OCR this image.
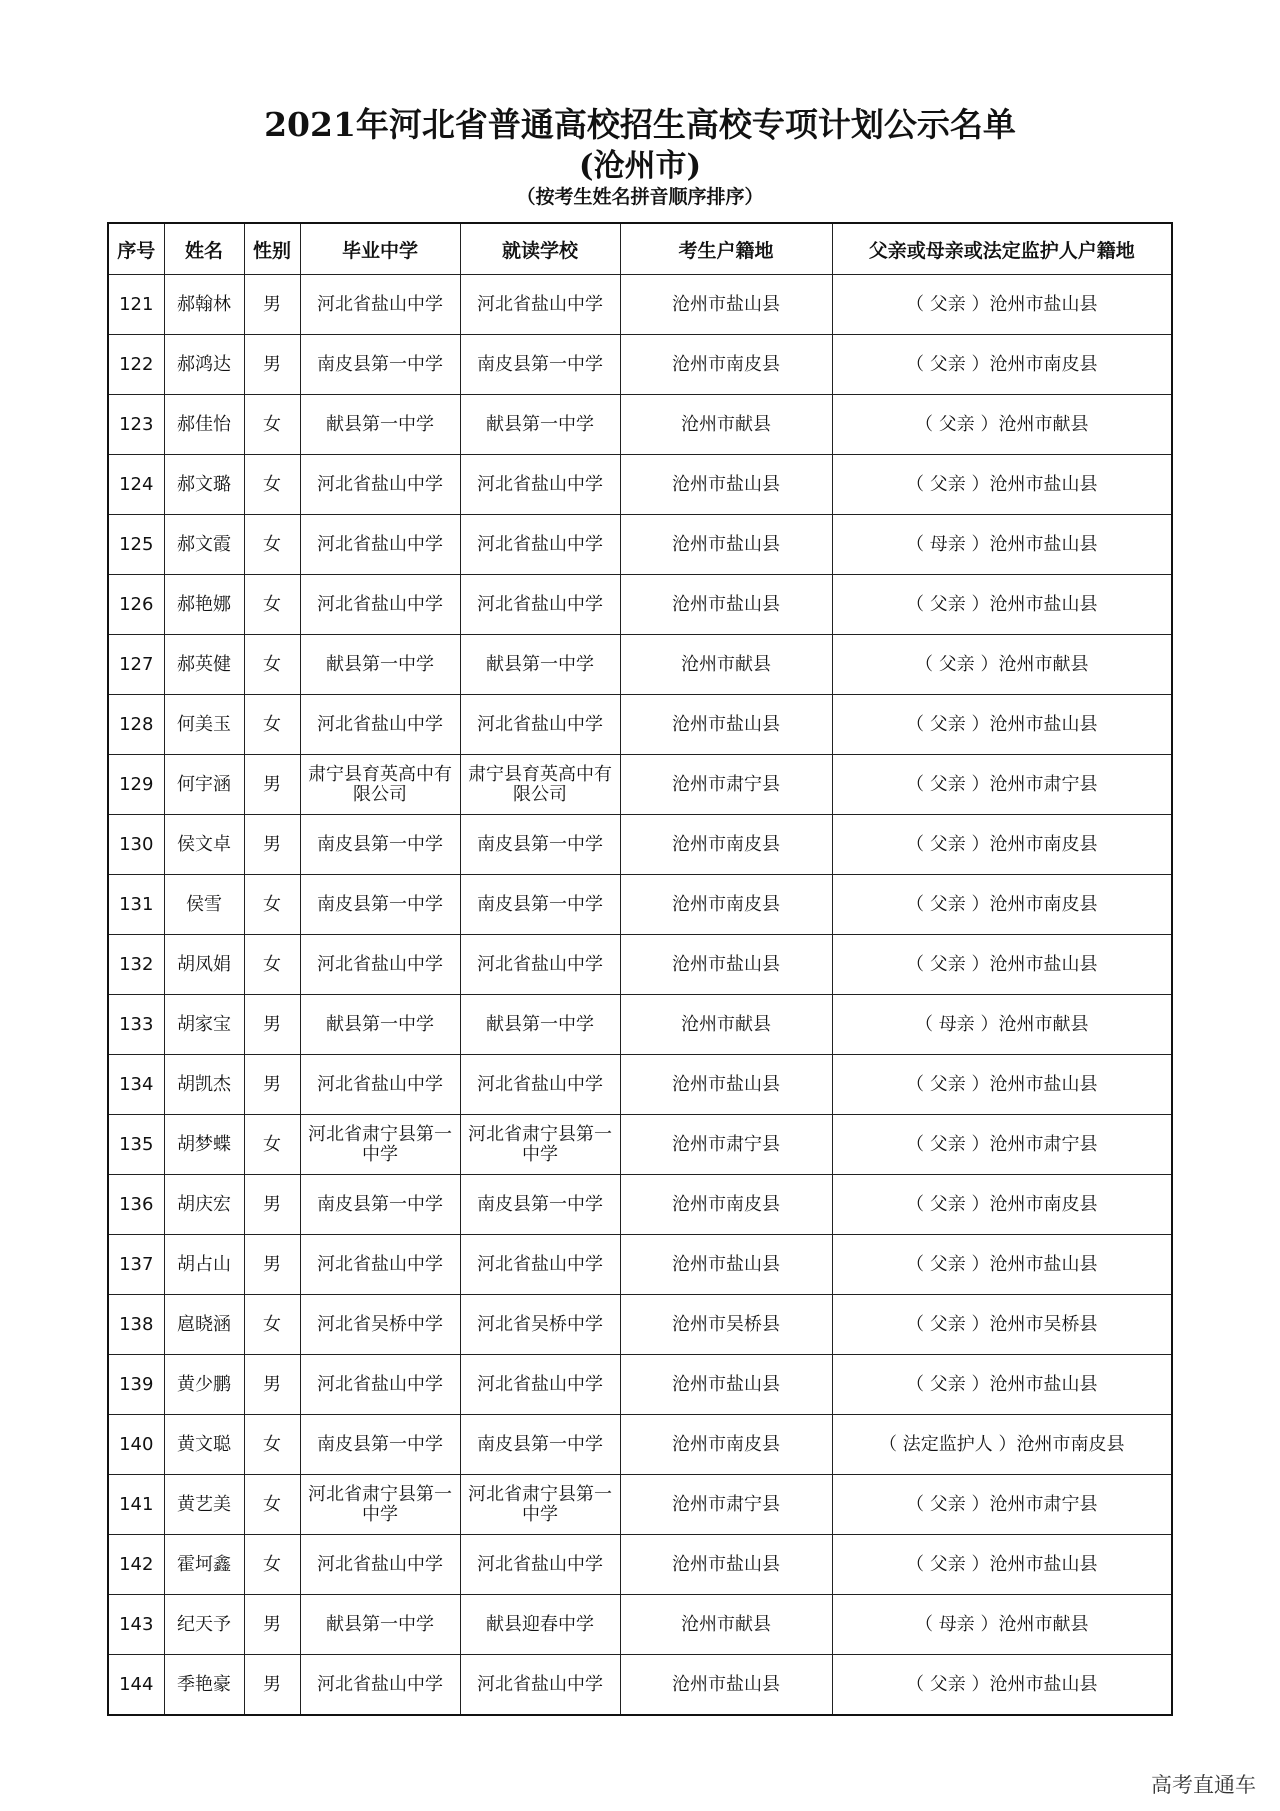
2021年河北省普通高校招生高校专项计划公示名单
(沧州市)
（按考生姓名拼音顺序排序）
序号	姓名	性别	毕业中学	就读学校	考生户籍地	父亲或母亲或法定监护人户籍地
121	郝翰林	男	河北省盐山中学	河北省盐山中学	沧州市盐山县	（ 父亲 ）沧州市盐山县
122	郝鸿达	男	南皮县第一中学	南皮县第一中学	沧州市南皮县	（ 父亲 ）沧州市南皮县
123	郝佳怡	女	献县第一中学	献县第一中学	沧州市献县	（ 父亲 ）沧州市献县
124	郝文璐	女	河北省盐山中学	河北省盐山中学	沧州市盐山县	（ 父亲 ）沧州市盐山县
125	郝文霞	女	河北省盐山中学	河北省盐山中学	沧州市盐山县	（ 母亲 ）沧州市盐山县
126	郝艳娜	女	河北省盐山中学	河北省盐山中学	沧州市盐山县	（ 父亲 ）沧州市盐山县
127	郝英健	女	献县第一中学	献县第一中学	沧州市献县	（ 父亲 ）沧州市献县
128	何美玉	女	河北省盐山中学	河北省盐山中学	沧州市盐山县	（ 父亲 ）沧州市盐山县
129	何宇涵	男	肃宁县育英高中有限公司	肃宁县育英高中有限公司	沧州市肃宁县	（ 父亲 ）沧州市肃宁县
130	侯文卓	男	南皮县第一中学	南皮县第一中学	沧州市南皮县	（ 父亲 ）沧州市南皮县
131	侯雪	女	南皮县第一中学	南皮县第一中学	沧州市南皮县	（ 父亲 ）沧州市南皮县
132	胡凤娟	女	河北省盐山中学	河北省盐山中学	沧州市盐山县	（ 父亲 ）沧州市盐山县
133	胡家宝	男	献县第一中学	献县第一中学	沧州市献县	（ 母亲 ）沧州市献县
134	胡凯杰	男	河北省盐山中学	河北省盐山中学	沧州市盐山县	（ 父亲 ）沧州市盐山县
135	胡梦蝶	女	河北省肃宁县第一中学	河北省肃宁县第一中学	沧州市肃宁县	（ 父亲 ）沧州市肃宁县
136	胡庆宏	男	南皮县第一中学	南皮县第一中学	沧州市南皮县	（ 父亲 ）沧州市南皮县
137	胡占山	男	河北省盐山中学	河北省盐山中学	沧州市盐山县	（ 父亲 ）沧州市盐山县
138	扈晓涵	女	河北省吴桥中学	河北省吴桥中学	沧州市吴桥县	（ 父亲 ）沧州市吴桥县
139	黄少鹏	男	河北省盐山中学	河北省盐山中学	沧州市盐山县	（ 父亲 ）沧州市盐山县
140	黄文聪	女	南皮县第一中学	南皮县第一中学	沧州市南皮县	（ 法定监护人 ）沧州市南皮县
141	黄艺美	女	河北省肃宁县第一中学	河北省肃宁县第一中学	沧州市肃宁县	（ 父亲 ）沧州市肃宁县
142	霍坷鑫	女	河北省盐山中学	河北省盐山中学	沧州市盐山县	（ 父亲 ）沧州市盐山县
143	纪天予	男	献县第一中学	献县迎春中学	沧州市献县	（ 母亲 ）沧州市献县
144	季艳豪	男	河北省盐山中学	河北省盐山中学	沧州市盐山县	（ 父亲 ）沧州市盐山县
高考直通车
